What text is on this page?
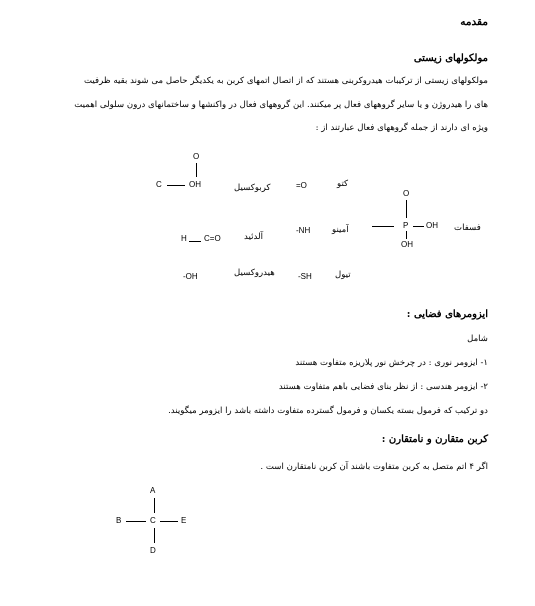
مقدمه
مولکولهای زیستی
مولکولهای زیستی از ترکیبات هیدروکربنی هستند که از اتصال اتمهای کربن به یکدیگر حاصل می شوند بقیه ظرفیت
های را هیدروژن و یا سایر گروههای فعال پر میکنند. این گروههای فعال در واکنشها و ساختمانهای درون سلولی اهمیت
ویژه ای دارند از جمله گروههای فعال عبارتند از :
O
C	OH	کربوکسیل	=O	کتو
O
P OH
OH
فسفات
H C=O	آلدئید
-NH	آمینو
-OH	هیدروکسیل	-SH	تیول
ایزومرهای فضایی :
شامل
۱- ایزومر نوری : در چرخش نور پلاریزه متفاوت هستند
۲- ایزومر هندسی : از نظر بنای فضایی باهم متفاوت هستند
دو ترکیب که فرمول بسته یکسان و فرمول گسترده متفاوت داشته باشد را ایزومر میگویند.
کربن متقارن و نامتقارن :
اگر ۴ اتم متصل به کربن متفاوت باشند آن کربن نامتقارن است .
A
B	C	E
D
